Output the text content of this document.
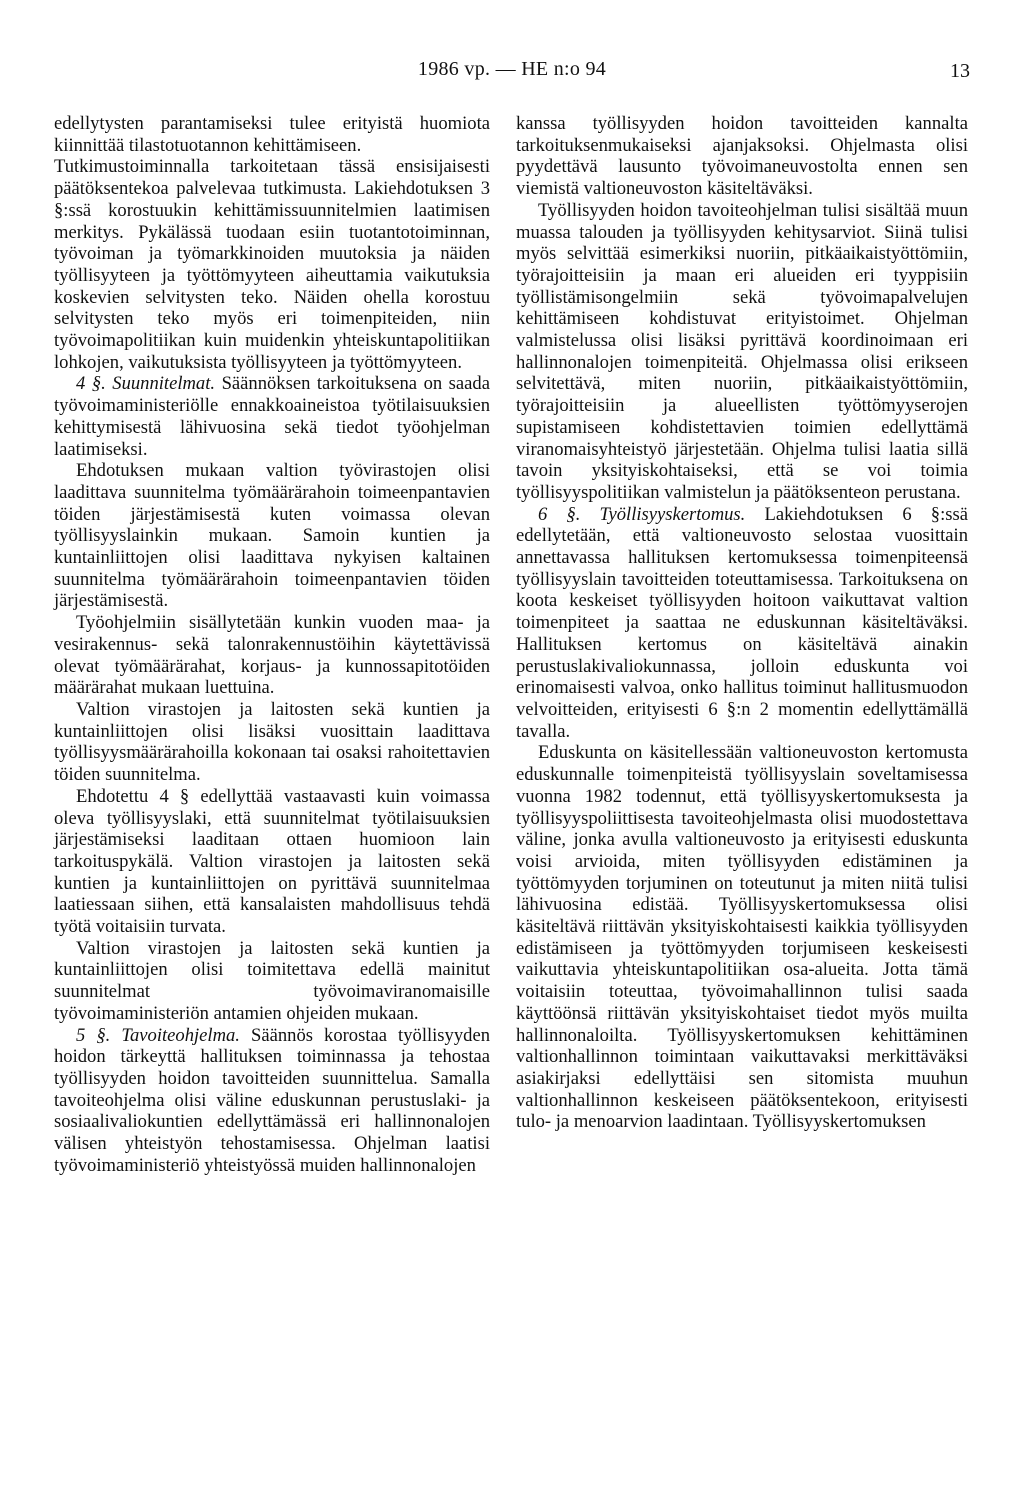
1986 vp. — HE n:o 94	13

edellytysten parantamiseksi tulee erityistä huomiota kiinnittää tilastotuotannon kehittämiseen.

Tutkimustoiminnalla tarkoitetaan tässä ensisijaisesti päätöksentekoa palvelevaa tutkimusta. Lakiehdotuksen 3 §:ssä korostuukin kehittämissuunnitelmien laatimisen merkitys. Pykälässä tuodaan esiin tuotantotoiminnan, työvoiman ja työmarkkinoiden muutoksia ja näiden työllisyyteen ja työttömyyteen aiheuttamia vaikutuksia koskevien selvitysten teko. Näiden ohella korostuu selvitysten teko myös eri toimenpiteiden, niin työvoimapolitiikan kuin muidenkin yhteiskuntapolitiikan lohkojen, vaikutuksista työllisyyteen ja työttömyyteen.

4 §. Suunnitelmat. Säännöksen tarkoituksena on saada työvoimaministeriölle ennakkoaineistoa työtilaisuuksien kehittymisestä lähivuosina sekä tiedot työohjelman laatimiseksi.

Ehdotuksen mukaan valtion työvirastojen olisi laadittava suunnitelma työmäärärahoin toimeenpantavien töiden järjestämisestä kuten voimassa olevan työllisyyslainkin mukaan. Samoin kuntien ja kuntainliittojen olisi laadittava nykyisen kaltainen suunnitelma työmäärärahoin toimeenpantavien töiden järjestämisestä.

Työohjelmiin sisällytetään kunkin vuoden maa- ja vesirakennus- sekä talonrakennustöihin käytettävissä olevat työmäärärahat, korjaus- ja kunnossapitotöiden määrärahat mukaan luettuina.

Valtion virastojen ja laitosten sekä kuntien ja kuntainliittojen olisi lisäksi vuosittain laadittava työllisyysmäärärahoilla kokonaan tai osaksi rahoitettavien töiden suunnitelma.

Ehdotettu 4 § edellyttää vastaavasti kuin voimassa oleva työllisyyslaki, että suunnitelmat työtilaisuuksien järjestämiseksi laaditaan ottaen huomioon lain tarkoituspykälä. Valtion virastojen ja laitosten sekä kuntien ja kuntainliittojen on pyrittävä suunnitelmaa laatiessaan siihen, että kansalaisten mahdollisuus tehdä työtä voitaisiin turvata.

Valtion virastojen ja laitosten sekä kuntien ja kuntainliittojen olisi toimitettava edellä mainitut suunnitelmat työvoimaviranomaisille työvoimaministeriön antamien ohjeiden mukaan.

5 §. Tavoiteohjelma. Säännös korostaa työllisyyden hoidon tärkeyttä hallituksen toiminnassa ja tehostaa työllisyyden hoidon tavoitteiden suunnittelua. Samalla tavoiteohjelma olisi väline eduskunnan perustuslaki- ja sosiaalivaliokuntien edellyttämässä eri hallinnonalojen välisen yhteistyön tehostamisessa. Ohjelman laatisi työvoimaministeriö yhteistyössä muiden hallinnonalojen

kanssa työllisyyden hoidon tavoitteiden kannalta tarkoituksenmukaiseksi ajanjaksoksi. Ohjelmasta olisi pyydettävä lausunto työvoimaneuvostolta ennen sen viemistä valtioneuvoston käsiteltäväksi.

Työllisyyden hoidon tavoiteohjelman tulisi sisältää muun muassa talouden ja työllisyyden kehitysarviot. Siinä tulisi myös selvittää esimerkiksi nuoriin, pitkäaikaistyöttömiin, työrajoitteisiin ja maan eri alueiden eri tyyppisiin työllistämisongelmiin sekä työvoimapalvelujen kehittämiseen kohdistuvat erityistoimet. Ohjelman valmistelussa olisi lisäksi pyrittävä koordinoimaan eri hallinnonalojen toimenpiteitä. Ohjelmassa olisi erikseen selvitettävä, miten nuoriin, pitkäaikaistyöttömiin, työrajoitteisiin ja alueellisten työttömyyserojen supistamiseen kohdistettavien toimien edellyttämä viranomaisyhteistyö järjestetään. Ohjelma tulisi laatia sillä tavoin yksityiskohtaiseksi, että se voi toimia työllisyyspolitiikan valmistelun ja päätöksenteon perustana.

6 §. Työllisyyskertomus. Lakiehdotuksen 6 §:ssä edellytetään, että valtioneuvosto selostaa vuosittain annettavassa hallituksen kertomuksessa toimenpiteensä työllisyyslain tavoitteiden toteuttamisessa. Tarkoituksena on koota keskeiset työllisyyden hoitoon vaikuttavat valtion toimenpiteet ja saattaa ne eduskunnan käsiteltäväksi. Hallituksen kertomus on käsiteltävä ainakin perustuslakivaliokunnassa, jolloin eduskunta voi erinomaisesti valvoa, onko hallitus toiminut hallitusmuodon velvoitteiden, erityisesti 6 §:n 2 momentin edellyttämällä tavalla.

Eduskunta on käsitellessään valtioneuvoston kertomusta eduskunnalle toimenpiteistä työllisyyslain soveltamisessa vuonna 1982 todennut, että työllisyyskertomuksesta ja työllisyyspoliittisesta tavoiteohjelmasta olisi muodostettava väline, jonka avulla valtioneuvosto ja erityisesti eduskunta voisi arvioida, miten työllisyyden edistäminen ja työttömyyden torjuminen on toteutunut ja miten niitä tulisi lähivuosina edistää. Työllisyyskertomuksessa olisi käsiteltävä riittävän yksityiskohtaisesti kaikkia työllisyyden edistämiseen ja työttömyyden torjumiseen keskeisesti vaikuttavia yhteiskuntapolitiikan osa-alueita. Jotta tämä voitaisiin toteuttaa, työvoimahallinnon tulisi saada käyttöönsä riittävän yksityiskohtaiset tiedot myös muilta hallinnonaloilta. Työllisyyskertomuksen kehittäminen valtionhallinnon toimintaan vaikuttavaksi merkittäväksi asiakirjaksi edellyttäisi sen sitomista muuhun valtionhallinnon keskeiseen päätöksentekoon, erityisesti tulo- ja menoarvion laadintaan. Työllisyyskertomuksen
